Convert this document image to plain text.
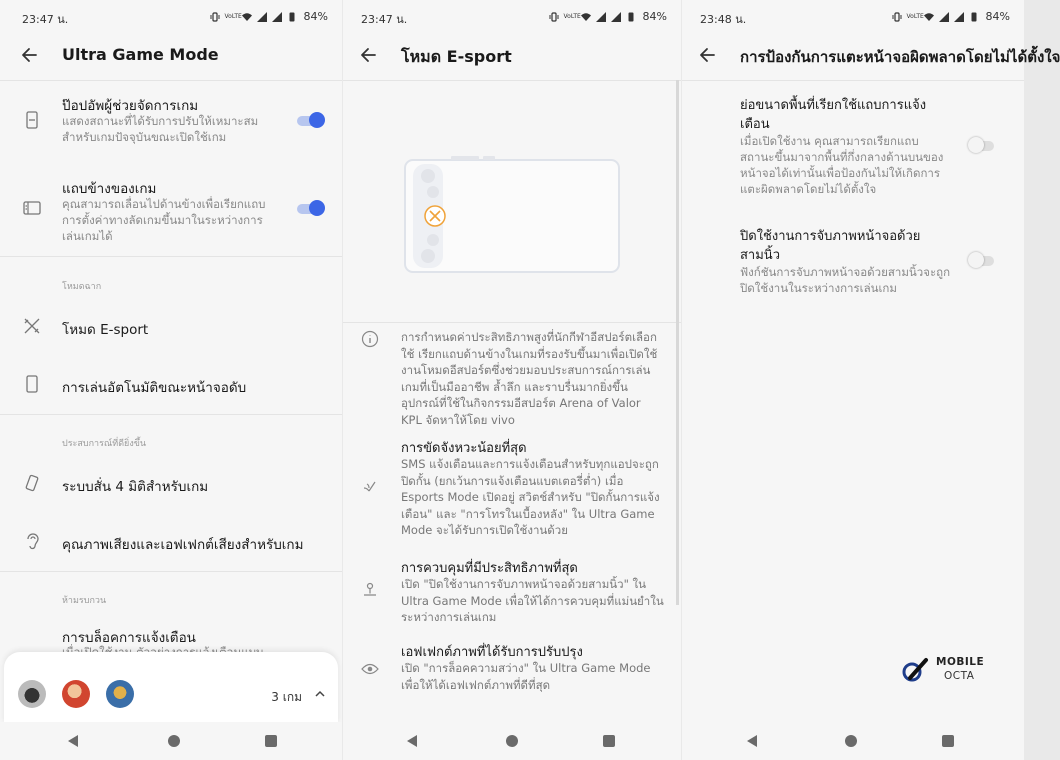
23:47 น.	VoLTE	84%
Ultra Game Mode
ป๊อปอัพผู้ช่วยจัดการเกม
แสดงสถานะที่ได้รับการปรับให้เหมาะสมสำหรับเกมปัจจุบันขณะเปิดใช้เกม
แถบข้างของเกม
คุณสามารถเลื่อนไปด้านข้างเพื่อเรียกแถบการตั้งค่าทางลัดเกมขึ้นมาในระหว่างการเล่นเกมได้
โหมดฉาก
โหมด E-sport
การเล่นอัตโนมัติขณะหน้าจอดับ
ประสบการณ์ที่ดียิ่งขึ้น
ระบบสั่น 4 มิติสำหรับเกม
คุณภาพเสียงและเอฟเฟกต์เสียงสำหรับเกม
ห้ามรบกวน
การบล็อคการแจ้งเตือน
3 เกม
23:47 น.	VoLTE	84%
โหมด E-sport
การกำหนดค่าประสิทธิภาพสูงที่นักกีฬาอีสปอร์ตเลือกใช้ เรียกแถบด้านข้างในเกมที่รองรับขึ้นมาเพื่อเปิดใช้งานโหมดอีสปอร์ตซึ่งช่วยมอบประสบการณ์การเล่นเกมที่เป็นมืออาชีพ ล้ำลึก และราบรื่นมากยิ่งขึ้น อุปกรณ์ที่ใช้ในกิจกรรมอีสปอร์ต Arena of Valor KPL จัดหาให้โดย vivo
การขัดจังหวะน้อยที่สุด
SMS แจ้งเตือนและการแจ้งเตือนสำหรับทุกแอปจะถูกปิดกั้น (ยกเว้นการแจ้งเตือนแบตเตอรี่ต่ำ) เมื่อ Esports Mode เปิดอยู่ สวิตช์สำหรับ "ปิดกั้นการแจ้งเตือน" และ "การโทรในเบื้องหลัง" ใน Ultra Game Mode จะได้รับการเปิดใช้งานด้วย
การควบคุมที่มีประสิทธิภาพที่สุด
เปิด "ปิดใช้งานการจับภาพหน้าจอด้วยสามนิ้ว" ใน Ultra Game Mode เพื่อให้ได้การควบคุมที่แม่นยำในระหว่างการเล่นเกม
เอฟเฟกต์ภาพที่ได้รับการปรับปรุง
เปิด "การล็อคความสว่าง" ใน Ultra Game Mode เพื่อให้ได้เอฟเฟกต์ภาพที่ดีที่สุด
23:48 น.	VoLTE	84%
การป้องกันการแตะหน้าจอผิดพลาดโดยไม่ได้ตั้งใจ
ย่อขนาดพื้นที่เรียกใช้แถบการแจ้งเตือน
เมื่อเปิดใช้งาน คุณสามารถเรียกแถบสถานะขึ้นมาจากพื้นที่กึ่งกลางด้านบนของหน้าจอได้เท่านั้นเพื่อป้องกันไม่ให้เกิดการแตะผิดพลาดโดยไม่ได้ตั้งใจ
ปิดใช้งานการจับภาพหน้าจอด้วยสามนิ้ว
ฟังก์ชันการจับภาพหน้าจอด้วยสามนิ้วจะถูกปิดใช้งานในระหว่างการเล่นเกม
MOBILE
OCTA
